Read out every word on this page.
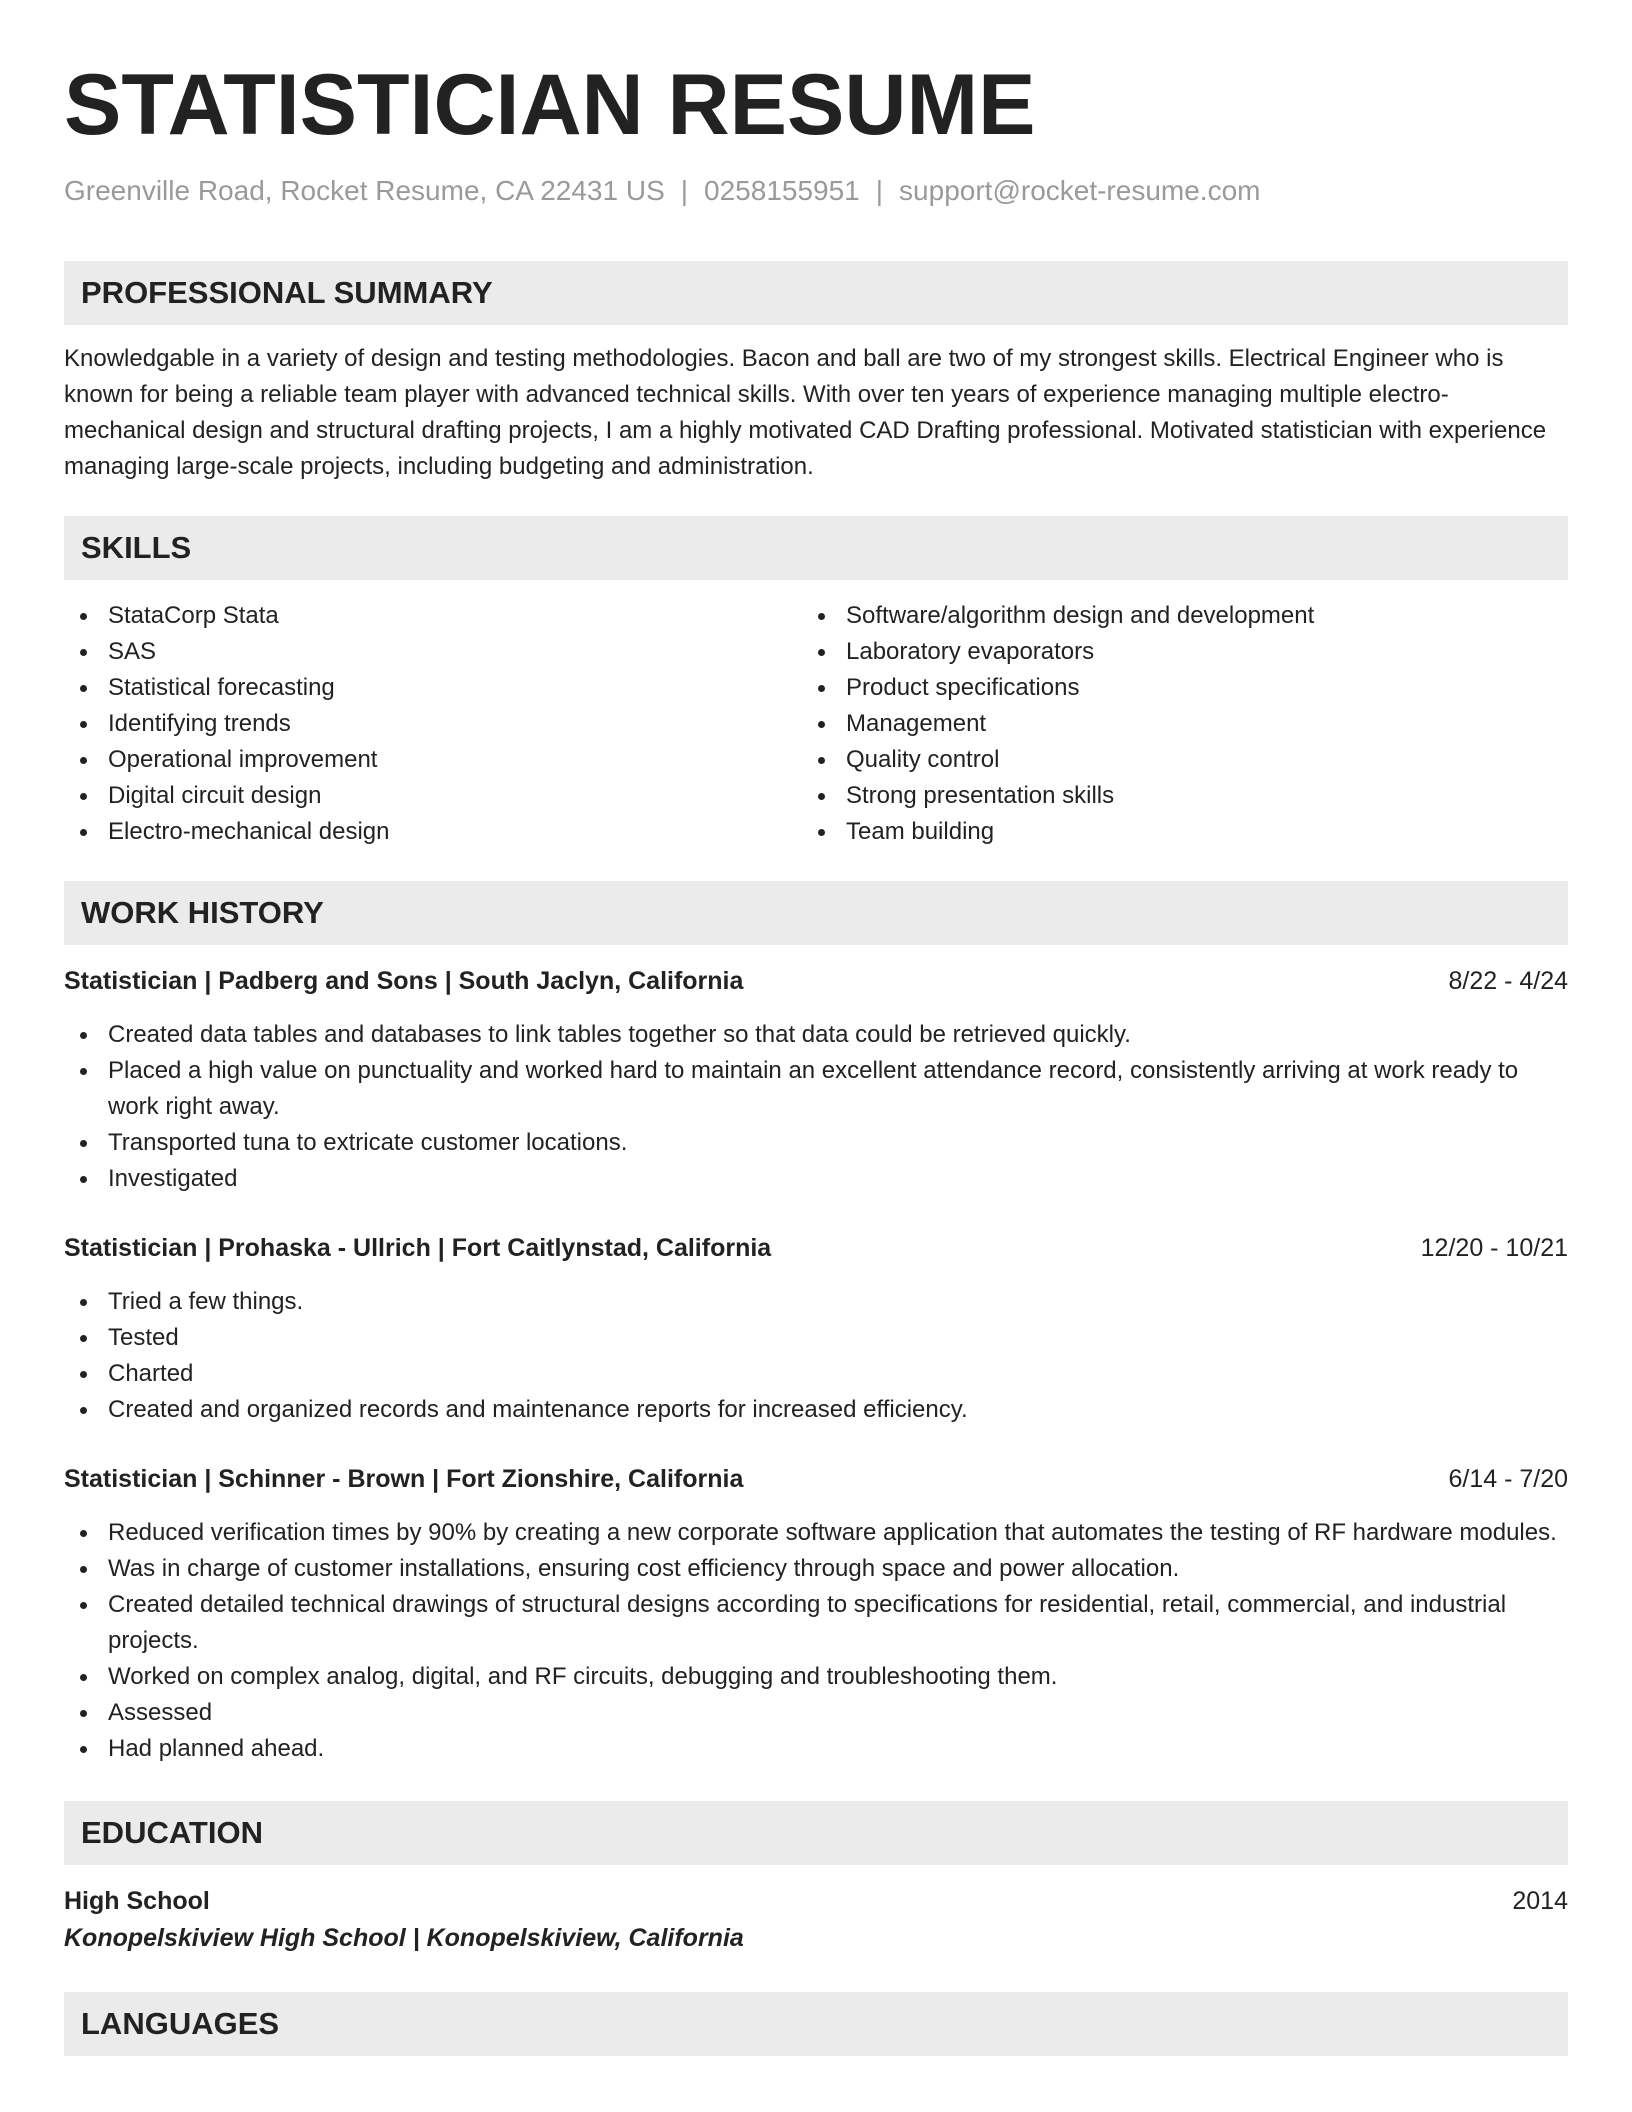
STATISTICIAN RESUME
Greenville Road, Rocket Resume, CA 22431 US | 0258155951 | support@rocket-resume.com
PROFESSIONAL SUMMARY
Knowledgable in a variety of design and testing methodologies. Bacon and ball are two of my strongest skills. Electrical Engineer who is known for being a reliable team player with advanced technical skills. With over ten years of experience managing multiple electro-mechanical design and structural drafting projects, I am a highly motivated CAD Drafting professional. Motivated statistician with experience managing large-scale projects, including budgeting and administration.
SKILLS
StataCorp Stata
SAS
Statistical forecasting
Identifying trends
Operational improvement
Digital circuit design
Electro-mechanical design
Software/algorithm design and development
Laboratory evaporators
Product specifications
Management
Quality control
Strong presentation skills
Team building
WORK HISTORY
Statistician | Padberg and Sons | South Jaclyn, California	8/22 - 4/24
Created data tables and databases to link tables together so that data could be retrieved quickly.
Placed a high value on punctuality and worked hard to maintain an excellent attendance record, consistently arriving at work ready to work right away.
Transported tuna to extricate customer locations.
Investigated
Statistician | Prohaska - Ullrich | Fort Caitlynstad, California	12/20 - 10/21
Tried a few things.
Tested
Charted
Created and organized records and maintenance reports for increased efficiency.
Statistician | Schinner - Brown | Fort Zionshire, California	6/14 - 7/20
Reduced verification times by 90% by creating a new corporate software application that automates the testing of RF hardware modules.
Was in charge of customer installations, ensuring cost efficiency through space and power allocation.
Created detailed technical drawings of structural designs according to specifications for residential, retail, commercial, and industrial projects.
Worked on complex analog, digital, and RF circuits, debugging and troubleshooting them.
Assessed
Had planned ahead.
EDUCATION
High School	2014
Konopelskiview High School | Konopelskiview, California
LANGUAGES
